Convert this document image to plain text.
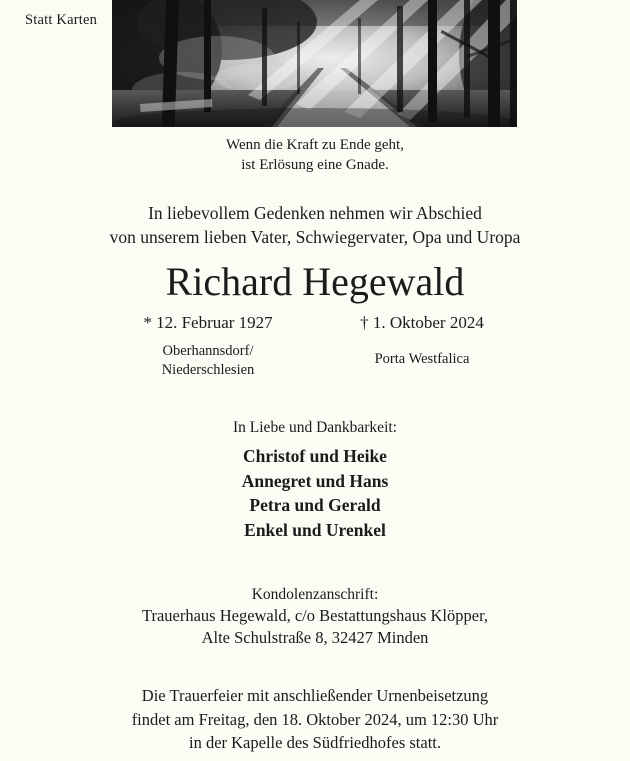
Statt Karten
Wenn die Kraft zu Ende geht,
ist Erlösung eine Gnade.
In liebevollem Gedenken nehmen wir Abschied
von unserem lieben Vater, Schwiegervater, Opa und Uropa
Richard Hegewald
* 12. Februar 1927
Oberhannsdorf/
Niederschlesien
† 1. Oktober 2024
Porta Westfalica
In Liebe und Dankbarkeit:
Christof und Heike
Annegret und Hans
Petra und Gerald
Enkel und Urenkel
Kondolenzanschrift:
Trauerhaus Hegewald, c/o Bestattungshaus Klöpper,
Alte Schulstraße 8, 32427 Minden
Die Trauerfeier mit anschließender Urnenbeisetzung
findet am Freitag, den 18. Oktober 2024, um 12:30 Uhr
in der Kapelle des Südfriedhofes statt.
